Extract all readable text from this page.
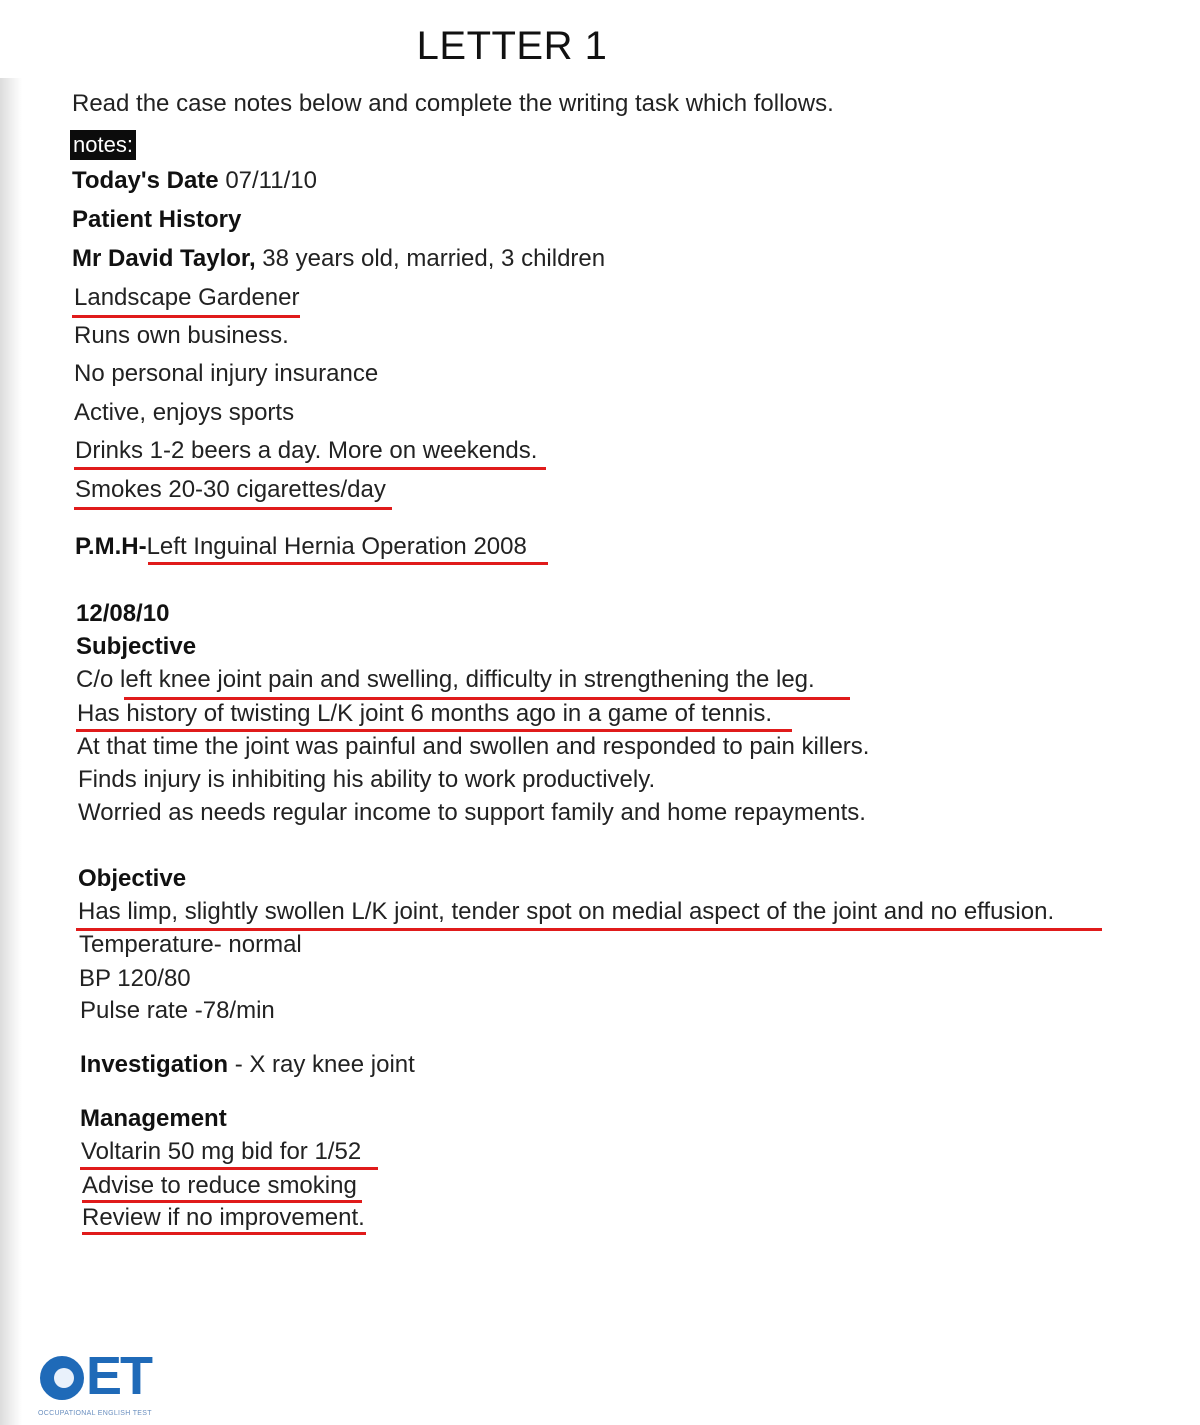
LETTER 1
Read the case notes below and complete the writing task which follows.
notes:
Today's Date 07/11/10
Patient History
Mr David Taylor, 38 years old, married, 3 children
Landscape Gardener
Runs own business.
No personal injury insurance
Active, enjoys sports
Drinks 1-2 beers a day. More on weekends.
Smokes 20-30 cigarettes/day
P.M.H-Left Inguinal Hernia Operation 2008
12/08/10
Subjective
C/o left knee joint pain and swelling, difficulty in strengthening the leg.
Has history of twisting L/K joint 6 months ago in a game of tennis.
At that time the joint was painful and swollen and responded to pain killers.
Finds injury is inhibiting his ability to work productively.
Worried as needs regular income to support family and home repayments.
Objective
Has limp, slightly swollen L/K joint, tender spot on medial aspect of the joint and no effusion.
Temperature- normal
BP 120/80
Pulse rate -78/min
Investigation - X ray knee joint
Management
Voltarin 50 mg bid for 1/52
Advise to reduce smoking
Review if no improvement.
ET
OCCUPATIONAL ENGLISH TEST
